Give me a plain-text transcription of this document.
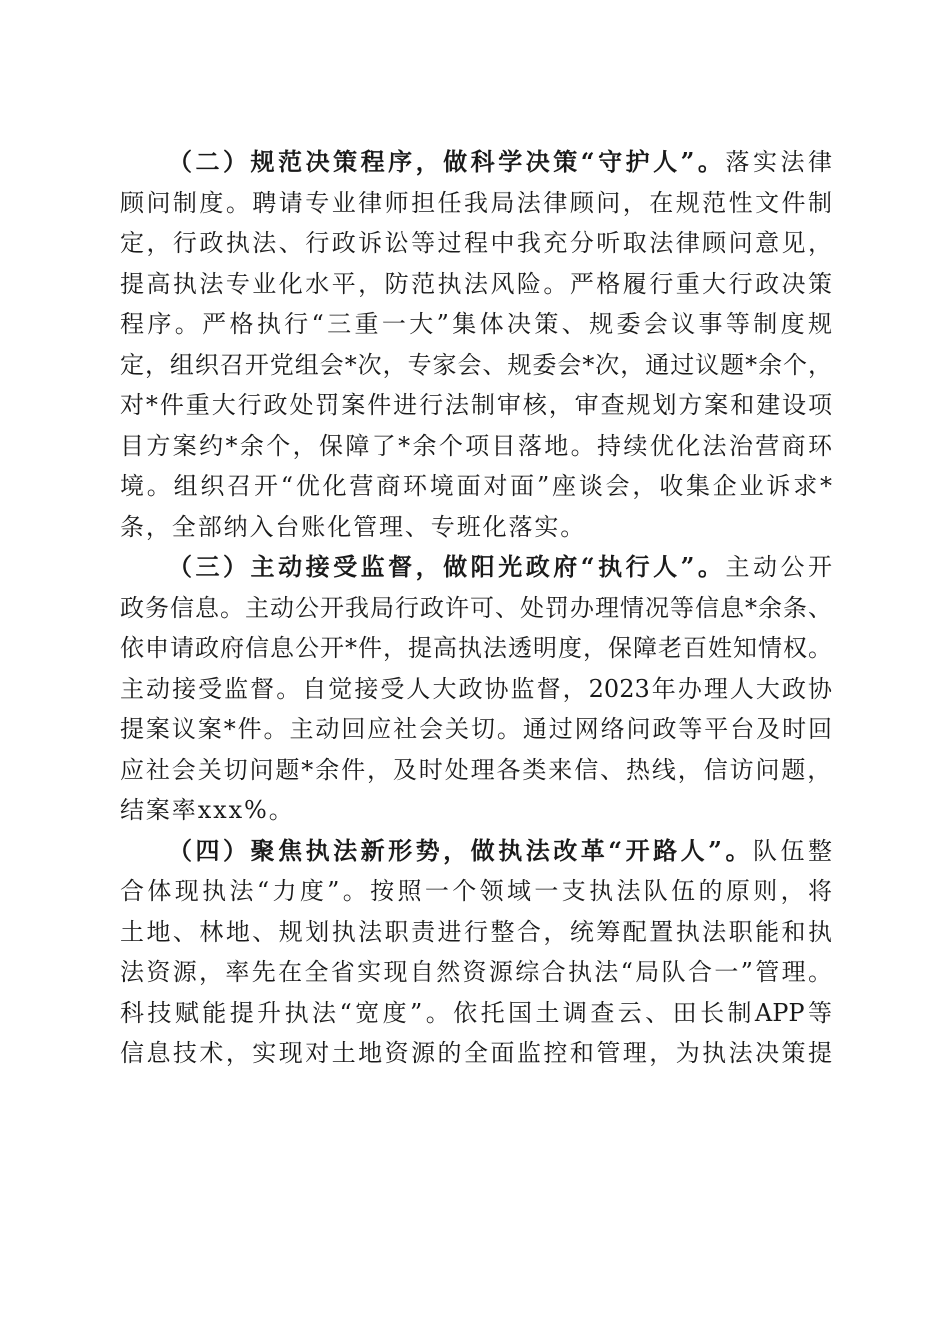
（二）规范决策程序，做科学决策“守护人”。落实法律
顾问制度。聘请专业律师担任我局法律顾问，在规范性文件制
定，行政执法、行政诉讼等过程中我充分听取法律顾问意见，
提高执法专业化水平，防范执法风险。严格履行重大行政决策
程序。严格执行“三重一大”集体决策、规委会议事等制度规
定，组织召开党组会*次，专家会、规委会*次，通过议题*余个，
对*件重大行政处罚案件进行法制审核，审查规划方案和建设项
目方案约*余个，保障了*余个项目落地。持续优化法治营商环
境。组织召开“优化营商环境面对面”座谈会，收集企业诉求*
条，全部纳入台账化管理、专班化落实。
（三）主动接受监督，做阳光政府“执行人”。主动公开
政务信息。主动公开我局行政许可、处罚办理情况等信息*余条、
依申请政府信息公开*件，提高执法透明度，保障老百姓知情权。
主动接受监督。自觉接受人大政协监督，2023年办理人大政协
提案议案*件。主动回应社会关切。通过网络问政等平台及时回
应社会关切问题*余件，及时处理各类来信、热线，信访问题，
结案率xxx%。
（四）聚焦执法新形势，做执法改革“开路人”。队伍整
合体现执法“力度”。按照一个领域一支执法队伍的原则，将
土地、林地、规划执法职责进行整合，统筹配置执法职能和执
法资源，率先在全省实现自然资源综合执法“局队合一”管理。
科技赋能提升执法“宽度”。依托国土调查云、田长制APP等
信息技术，实现对土地资源的全面监控和管理，为执法决策提
